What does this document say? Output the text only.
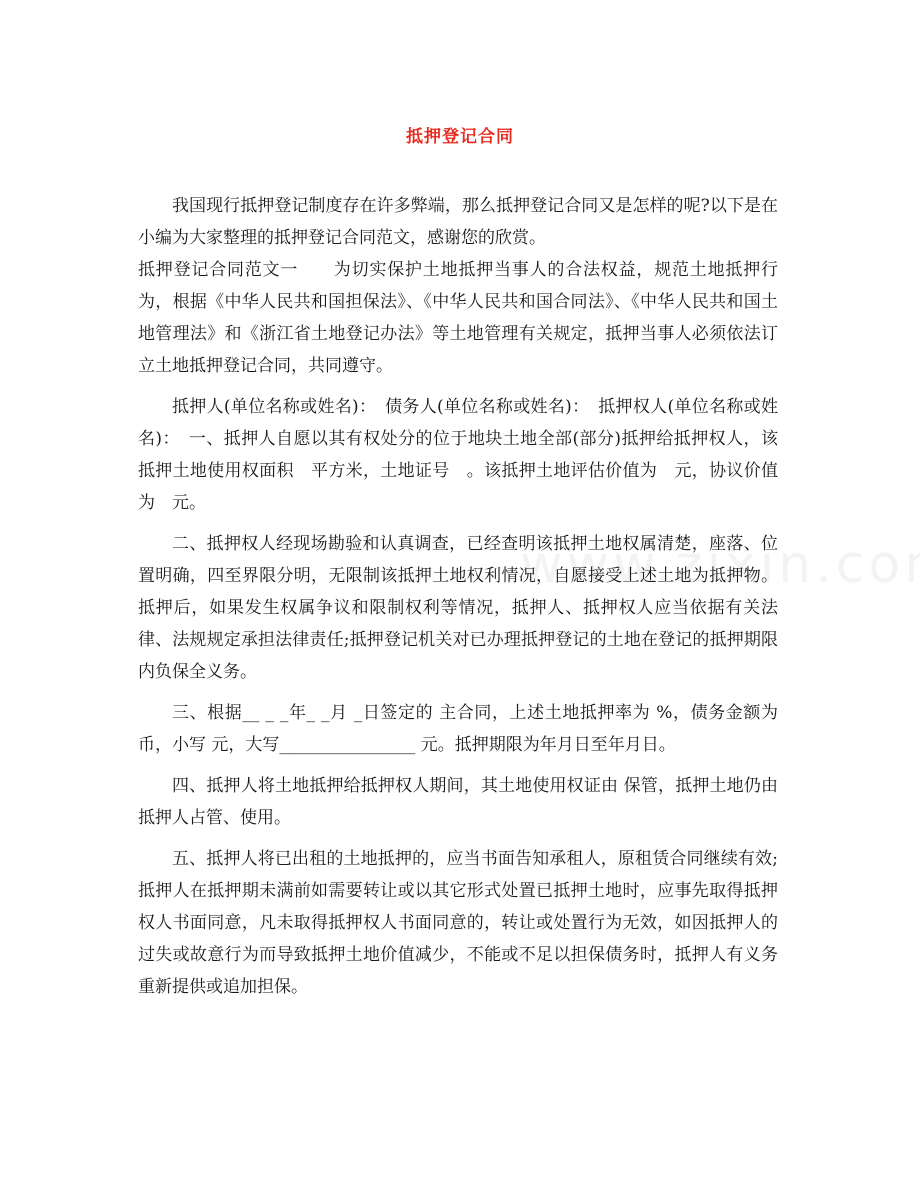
抵押登记合同

我国现行抵押登记制度存在许多弊端，那么抵押登记合同又是怎样的呢?以下是在小编为大家整理的抵押登记合同范文，感谢您的欣赏。

抵押登记合同范文一　　为切实保护土地抵押当事人的合法权益，规范土地抵押行为，根据《中华人民共和国担保法》、《中华人民共和国合同法》、《中华人民共和国土地管理法》和《浙江省土地登记办法》等土地管理有关规定，抵押当事人必须依法订立土地抵押登记合同，共同遵守。

抵押人(单位名称或姓名)：　债务人(单位名称或姓名)：　抵押权人(单位名称或姓名)：　一、抵押人自愿以其有权处分的位于地块土地全部(部分)抵押给抵押权人，该抵押土地使用权面积　平方米，土地证号　。该抵押土地评估价值为　元，协议价值为　元。

二、抵押权人经现场勘验和认真调查，已经查明该抵押土地权属清楚，座落、位置明确，四至界限分明，无限制该抵押土地权利情况，自愿接受上述土地为抵押物。抵押后，如果发生权属争议和限制权利等情况，抵押人、抵押权人应当依据有关法律、法规规定承担法律责任;抵押登记机关对已办理抵押登记的土地在登记的抵押期限内负保全义务。

三、根据__ _ _年_ _月 _日签定的 主合同，上述土地抵押率为 %，债务金额为 币，小写 元，大写________________ 元。抵押期限为年月日至年月日。

四、抵押人将土地抵押给抵押权人期间，其土地使用权证由 保管，抵押土地仍由抵押人占管、使用。

五、抵押人将已出租的土地抵押的，应当书面告知承租人，原租赁合同继续有效;抵押人在抵押期未满前如需要转让或以其它形式处置已抵押土地时，应事先取得抵押权人书面同意，凡未取得抵押权人书面同意的，转让或处置行为无效，如因抵押人的过失或故意行为而导致抵押土地价值减少，不能或不足以担保债务时，抵押人有义务重新提供或追加担保。
